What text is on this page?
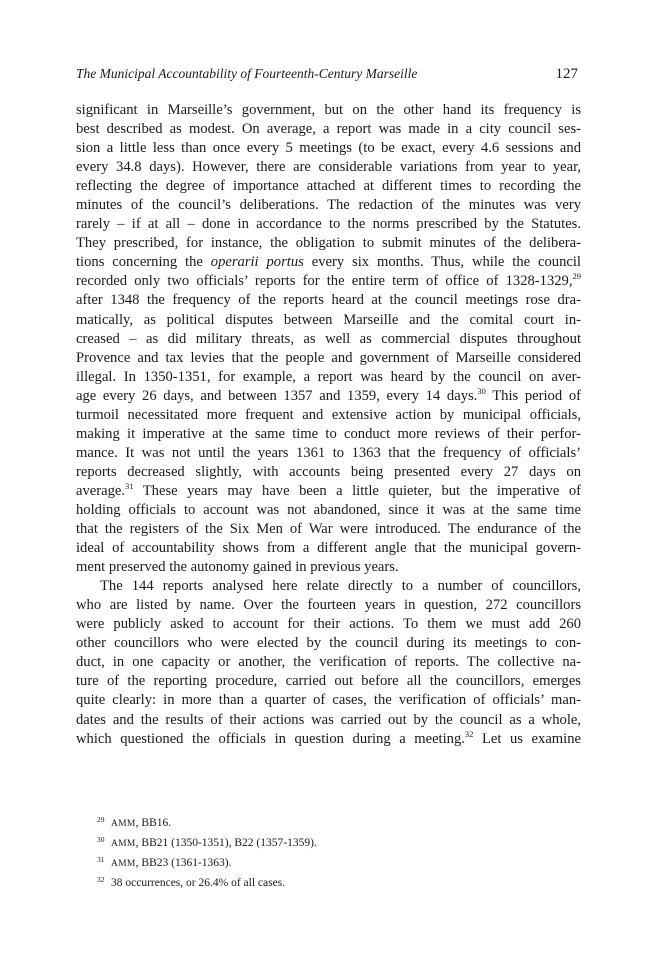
The Municipal Accountability of Fourteenth-Century Marseille	127
significant in Marseille’s government, but on the other hand its frequency is
best described as modest. On average, a report was made in a city council ses-
sion a little less than once every 5 meetings (to be exact, every 4.6 sessions and
every 34.8 days). However, there are considerable variations from year to year,
reflecting the degree of importance attached at different times to recording the
minutes of the council’s deliberations. The redaction of the minutes was very
rarely – if at all – done in accordance to the norms prescribed by the Statutes.
They prescribed, for instance, the obligation to submit minutes of the delibera-
tions concerning the operarii portus every six months. Thus, while the council
recorded only two officials’ reports for the entire term of office of 1328-1329,29
after 1348 the frequency of the reports heard at the council meetings rose dra-
matically, as political disputes between Marseille and the comital court in-
creased – as did military threats, as well as commercial disputes throughout
Provence and tax levies that the people and government of Marseille considered
illegal. In 1350-1351, for example, a report was heard by the council on aver-
age every 26 days, and between 1357 and 1359, every 14 days.$^{30}$ This period of
turmoil necessitated more frequent and extensive action by municipal officials,
making it imperative at the same time to conduct more reviews of their perfor-
mance. It was not until the years 1361 to 1363 that the frequency of officials’
reports decreased slightly, with accounts being presented every 27 days on
average.$^{31}$ These years may have been a little quieter, but the imperative of
holding officials to account was not abandoned, since it was at the same time
that the registers of the Six Men of War were introduced. The endurance of the
ideal of accountability shows from a different angle that the municipal govern-
ment preserved the autonomy gained in previous years.
The 144 reports analysed here relate directly to a number of councillors,
who are listed by name. Over the fourteen years in question, 272 councillors
were publicly asked to account for their actions. To them we must add 260
other councillors who were elected by the council during its meetings to con-
duct, in one capacity or another, the verification of reports. The collective na-
ture of the reporting procedure, carried out before all the councillors, emerges
quite clearly: in more than a quarter of cases, the verification of officials’ man-
dates and the results of their actions was carried out by the council as a whole,
which questioned the officials in question during a meeting.$^{32}$ Let us examine
29 AMM, BB16.
30 AMM, BB21 (1350-1351), B22 (1357-1359).
31 AMM, BB23 (1361-1363).
32 38 occurrences, or 26.4% of all cases.
